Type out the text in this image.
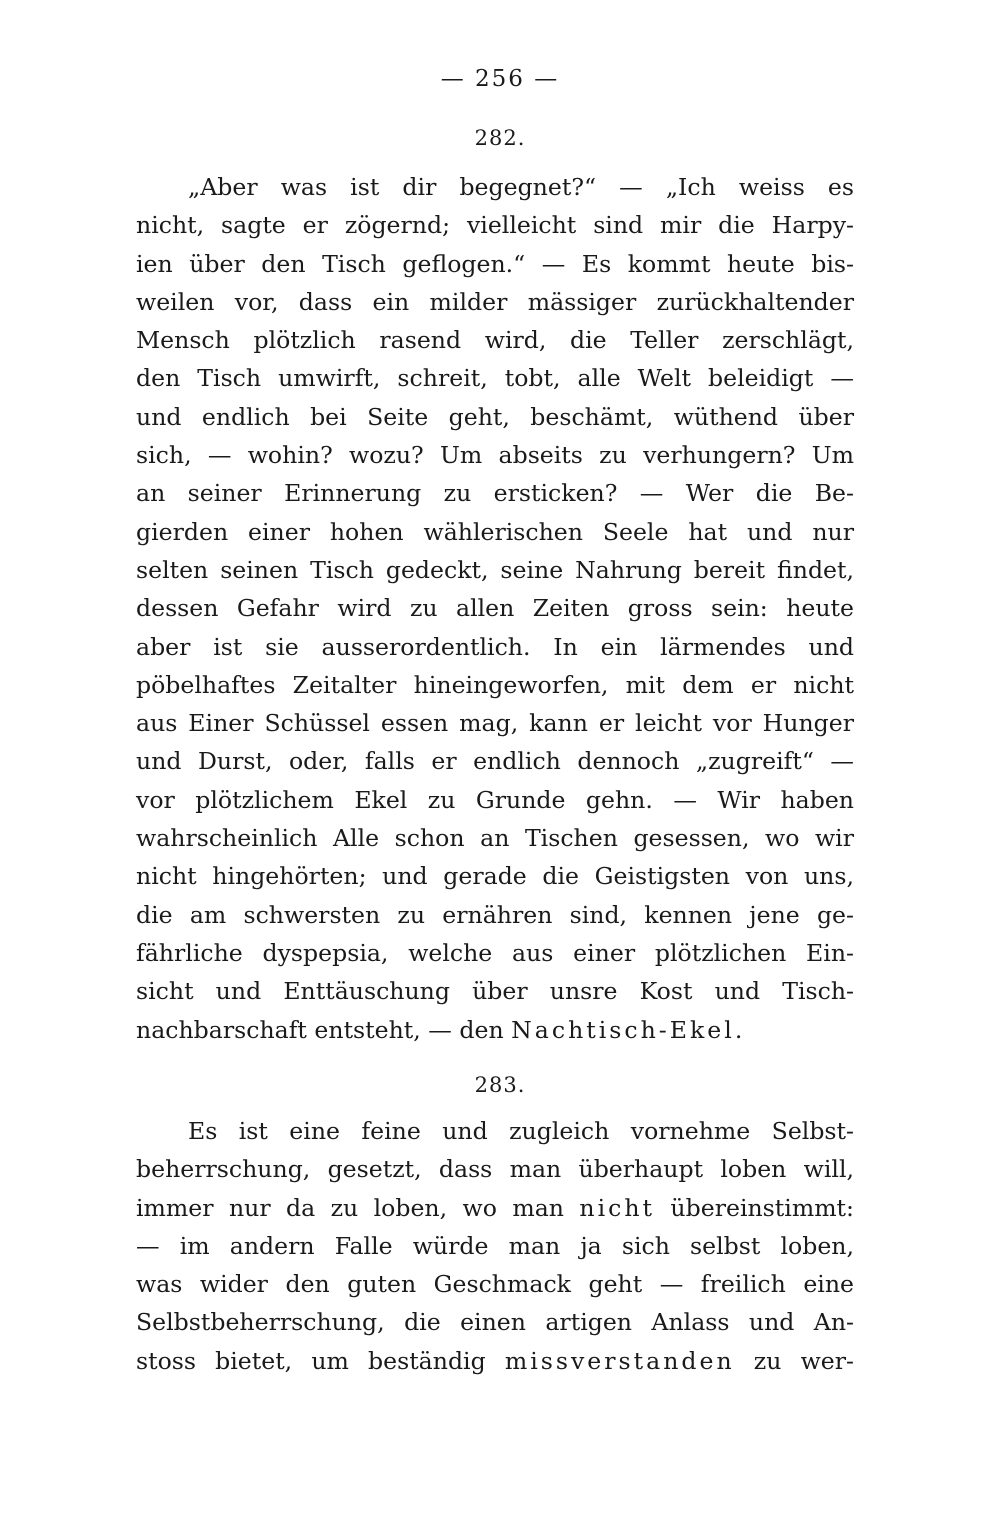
— 256 —
282.
„Aber was ist dir begegnet?“ — „Ich weiss es
nicht, sagte er zögernd; vielleicht sind mir die Harpy-
ien über den Tisch geflogen.“ — Es kommt heute bis-
weilen vor, dass ein milder mässiger zurückhaltender
Mensch plötzlich rasend wird, die Teller zerschlägt,
den Tisch umwirft, schreit, tobt, alle Welt beleidigt —
und endlich bei Seite geht, beschämt, wüthend über
sich, — wohin? wozu? Um abseits zu verhungern? Um
an seiner Erinnerung zu ersticken? — Wer die Be-
gierden einer hohen wählerischen Seele hat und nur
selten seinen Tisch gedeckt, seine Nahrung bereit findet,
dessen Gefahr wird zu allen Zeiten gross sein: heute
aber ist sie ausserordentlich. In ein lärmendes und
pöbelhaftes Zeitalter hineingeworfen, mit dem er nicht
aus Einer Schüssel essen mag, kann er leicht vor Hunger
und Durst, oder, falls er endlich dennoch „zugreift“ —
vor plötzlichem Ekel zu Grunde gehn. — Wir haben
wahrscheinlich Alle schon an Tischen gesessen, wo wir
nicht hingehörten; und gerade die Geistigsten von uns,
die am schwersten zu ernähren sind, kennen jene ge-
fährliche dyspepsia, welche aus einer plötzlichen Ein-
sicht und Enttäuschung über unsre Kost und Tisch-
nachbarschaft entsteht, — den Nachtisch-Ekel.
283.
Es ist eine feine und zugleich vornehme Selbst-
beherrschung, gesetzt, dass man überhaupt loben will,
immer nur da zu loben, wo man nicht übereinstimmt:
— im andern Falle würde man ja sich selbst loben,
was wider den guten Geschmack geht — freilich eine
Selbstbeherrschung, die einen artigen Anlass und An-
stoss bietet, um beständig missverstanden zu wer-
